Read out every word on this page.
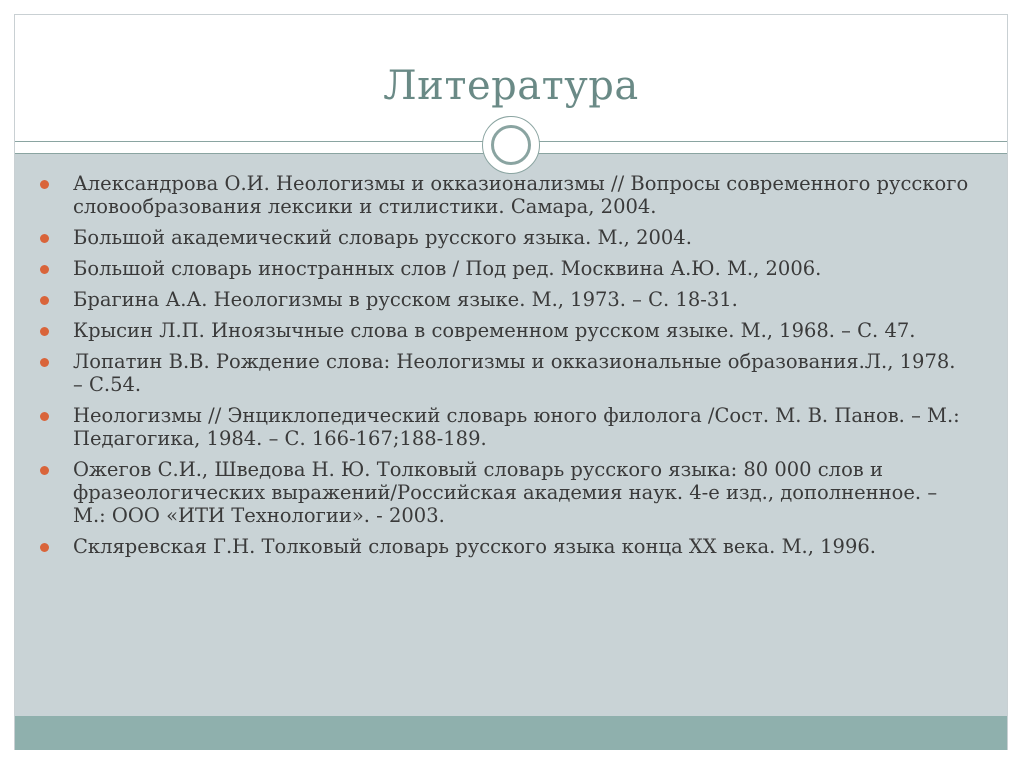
Литература
Александрова О.И. Неологизмы и окказионализмы // Вопросы современного русского словообразования лексики и стилистики. Самара, 2004.
Большой академический словарь русского языка. М., 2004.
Большой словарь иностранных слов / Под ред. Москвина А.Ю. М., 2006.
Брагина А.А. Неологизмы в русском языке. М., 1973. – С. 18-31.
Крысин Л.П. Иноязычные слова в современном русском языке. М., 1968. – С. 47.
Лопатин В.В. Рождение слова: Неологизмы и окказиональные образования.Л., 1978. – С.54.
Неологизмы // Энциклопедический словарь юного филолога /Сост. М. В. Панов. – М.: Педагогика, 1984. – С. 166-167;188-189.
Ожегов С.И., Шведова Н. Ю. Толковый словарь русского языка: 80 000 слов и фразеологических выражений/Российская академия наук. 4-е изд., дополненное. – М.: ООО «ИТИ Технологии». - 2003.
Скляревская Г.Н. Толковый словарь русского языка конца XX века. М., 1996.
